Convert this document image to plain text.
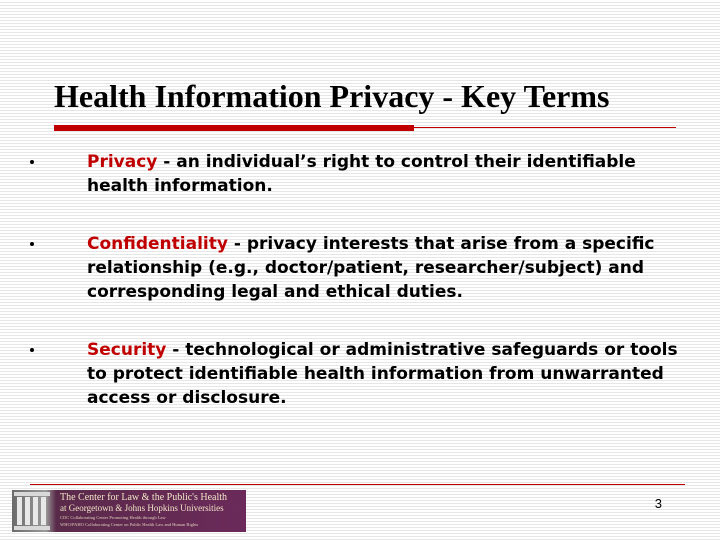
Health Information Privacy - Key Terms
Privacy - an individual’s right to control their identifiable health information.
Confidentiality - privacy interests that arise from a specific relationship (e.g., doctor/patient, researcher/subject) and corresponding legal and ethical duties.
Security - technological or administrative safeguards or tools to protect identifiable health information from unwarranted access or disclosure.
The Center for Law & the Public's Health
at Georgetown & Johns Hopkins Universities
CDC Collaborating Center Promoting Health through Law
WHO/PAHO Collaborating Center on Public Health Law and Human Rights
3
